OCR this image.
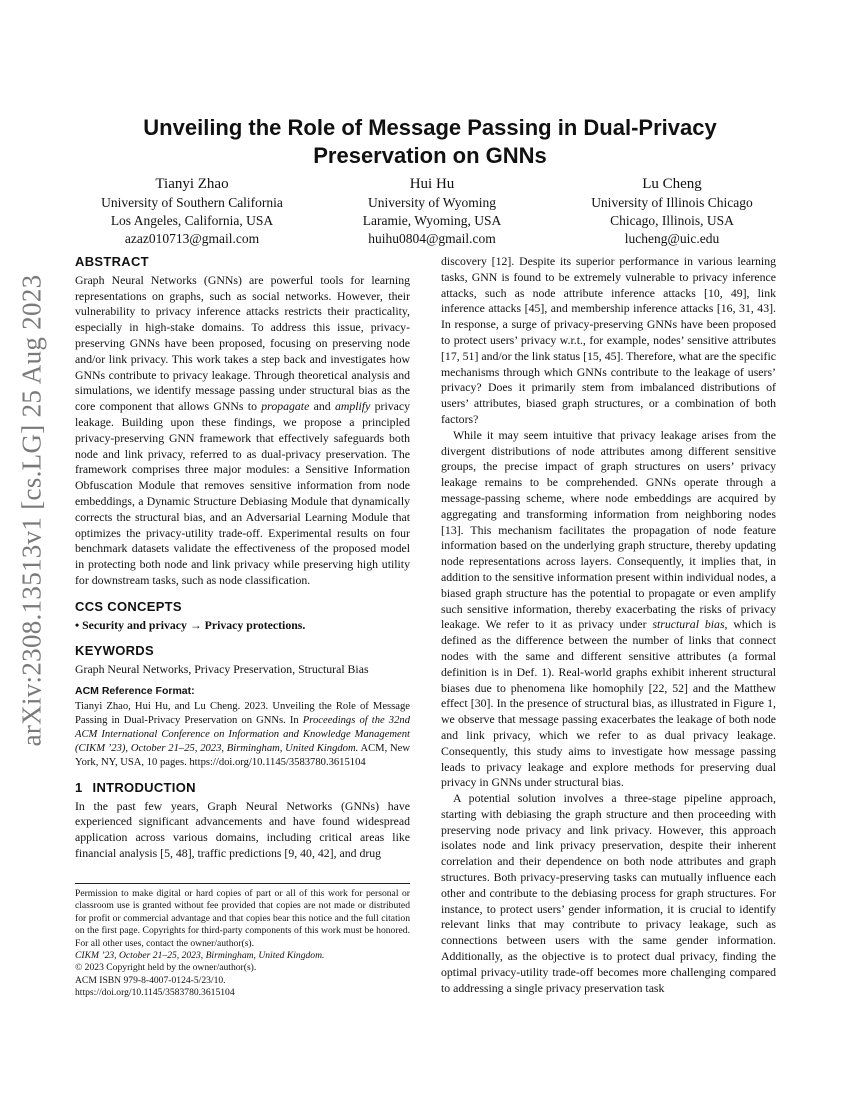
arXiv:2308.13513v1 [cs.LG] 25 Aug 2023
Unveiling the Role of Message Passing in Dual-Privacy
Preservation on GNNs
Tianyi Zhao
University of Southern California
Los Angeles, California, USA
azaz010713@gmail.com
Hui Hu
University of Wyoming
Laramie, Wyoming, USA
huihu0804@gmail.com
Lu Cheng
University of Illinois Chicago
Chicago, Illinois, USA
lucheng@uic.edu
ABSTRACT

Graph Neural Networks (GNNs) are powerful tools for learning representations on graphs, such as social networks. However, their vulnerability to privacy inference attacks restricts their practicality, especially in high-stake domains. To address this issue, privacy-preserving GNNs have been proposed, focusing on preserving node and/or link privacy. This work takes a step back and investigates how GNNs contribute to privacy leakage. Through theoretical analysis and simulations, we identify message passing under structural bias as the core component that allows GNNs to propagate and amplify privacy leakage. Building upon these findings, we propose a principled privacy-preserving GNN framework that effectively safeguards both node and link privacy, referred to as dual-privacy preservation. The framework comprises three major modules: a Sensitive Information Obfuscation Module that removes sensitive information from node embeddings, a Dynamic Structure Debiasing Module that dynamically corrects the structural bias, and an Adversarial Learning Module that optimizes the privacy-utility trade-off. Experimental results on four benchmark datasets validate the effectiveness of the proposed model in protecting both node and link privacy while preserving high utility for downstream tasks, such as node classification.

CCS CONCEPTS

• Security and privacy → Privacy protections.

KEYWORDS

Graph Neural Networks, Privacy Preservation, Structural Bias

ACM Reference Format:

Tianyi Zhao, Hui Hu, and Lu Cheng. 2023. Unveiling the Role of Message Passing in Dual-Privacy Preservation on GNNs. In Proceedings of the 32nd ACM International Conference on Information and Knowledge Management (CIKM ’23), October 21–25, 2023, Birmingham, United Kingdom. ACM, New York, NY, USA, 10 pages. https://doi.org/10.1145/3583780.3615104

1 INTRODUCTION

In the past few years, Graph Neural Networks (GNNs) have experienced significant advancements and have found widespread application across various domains, including critical areas like financial analysis [5, 48], traffic predictions [9, 40, 42], and drug

Permission to make digital or hard copies of part or all of this work for personal or classroom use is granted without fee provided that copies are not made or distributed for profit or commercial advantage and that copies bear this notice and the full citation on the first page. Copyrights for third-party components of this work must be honored. For all other uses, contact the owner/author(s).

CIKM ’23, October 21–25, 2023, Birmingham, United Kingdom.
© 2023 Copyright held by the owner/author(s).
ACM ISBN 979-8-4007-0124-5/23/10.
https://doi.org/10.1145/3583780.3615104

discovery [12]. Despite its superior performance in various learning tasks, GNN is found to be extremely vulnerable to privacy inference attacks, such as node attribute inference attacks [10, 49], link inference attacks [45], and membership inference attacks [16, 31, 43]. In response, a surge of privacy-preserving GNNs have been proposed to protect users’ privacy w.r.t., for example, nodes’ sensitive attributes [17, 51] and/or the link status [15, 45]. Therefore, what are the specific mechanisms through which GNNs contribute to the leakage of users’ privacy? Does it primarily stem from imbalanced distributions of users’ attributes, biased graph structures, or a combination of both factors?

While it may seem intuitive that privacy leakage arises from the divergent distributions of node attributes among different sensitive groups, the precise impact of graph structures on users’ privacy leakage remains to be comprehended. GNNs operate through a message-passing scheme, where node embeddings are acquired by aggregating and transforming information from neighboring nodes [13]. This mechanism facilitates the propagation of node feature information based on the underlying graph structure, thereby updating node representations across layers. Consequently, it implies that, in addition to the sensitive information present within individual nodes, a biased graph structure has the potential to propagate or even amplify such sensitive information, thereby exacerbating the risks of privacy leakage. We refer to it as privacy under structural bias, which is defined as the difference between the number of links that connect nodes with the same and different sensitive attributes (a formal definition is in Def. 1). Real-world graphs exhibit inherent structural biases due to phenomena like homophily [22, 52] and the Matthew effect [30]. In the presence of structural bias, as illustrated in Figure 1, we observe that message passing exacerbates the leakage of both node and link privacy, which we refer to as dual privacy leakage. Consequently, this study aims to investigate how message passing leads to privacy leakage and explore methods for preserving dual privacy in GNNs under structural bias.

A potential solution involves a three-stage pipeline approach, starting with debiasing the graph structure and then proceeding with preserving node privacy and link privacy. However, this approach isolates node and link privacy preservation, despite their inherent correlation and their dependence on both node attributes and graph structures. Both privacy-preserving tasks can mutually influence each other and contribute to the debiasing process for graph structures. For instance, to protect users’ gender information, it is crucial to identify relevant links that may contribute to privacy leakage, such as connections between users with the same gender information. Additionally, as the objective is to protect dual privacy, finding the optimal privacy-utility trade-off becomes more challenging compared to addressing a single privacy preservation task
